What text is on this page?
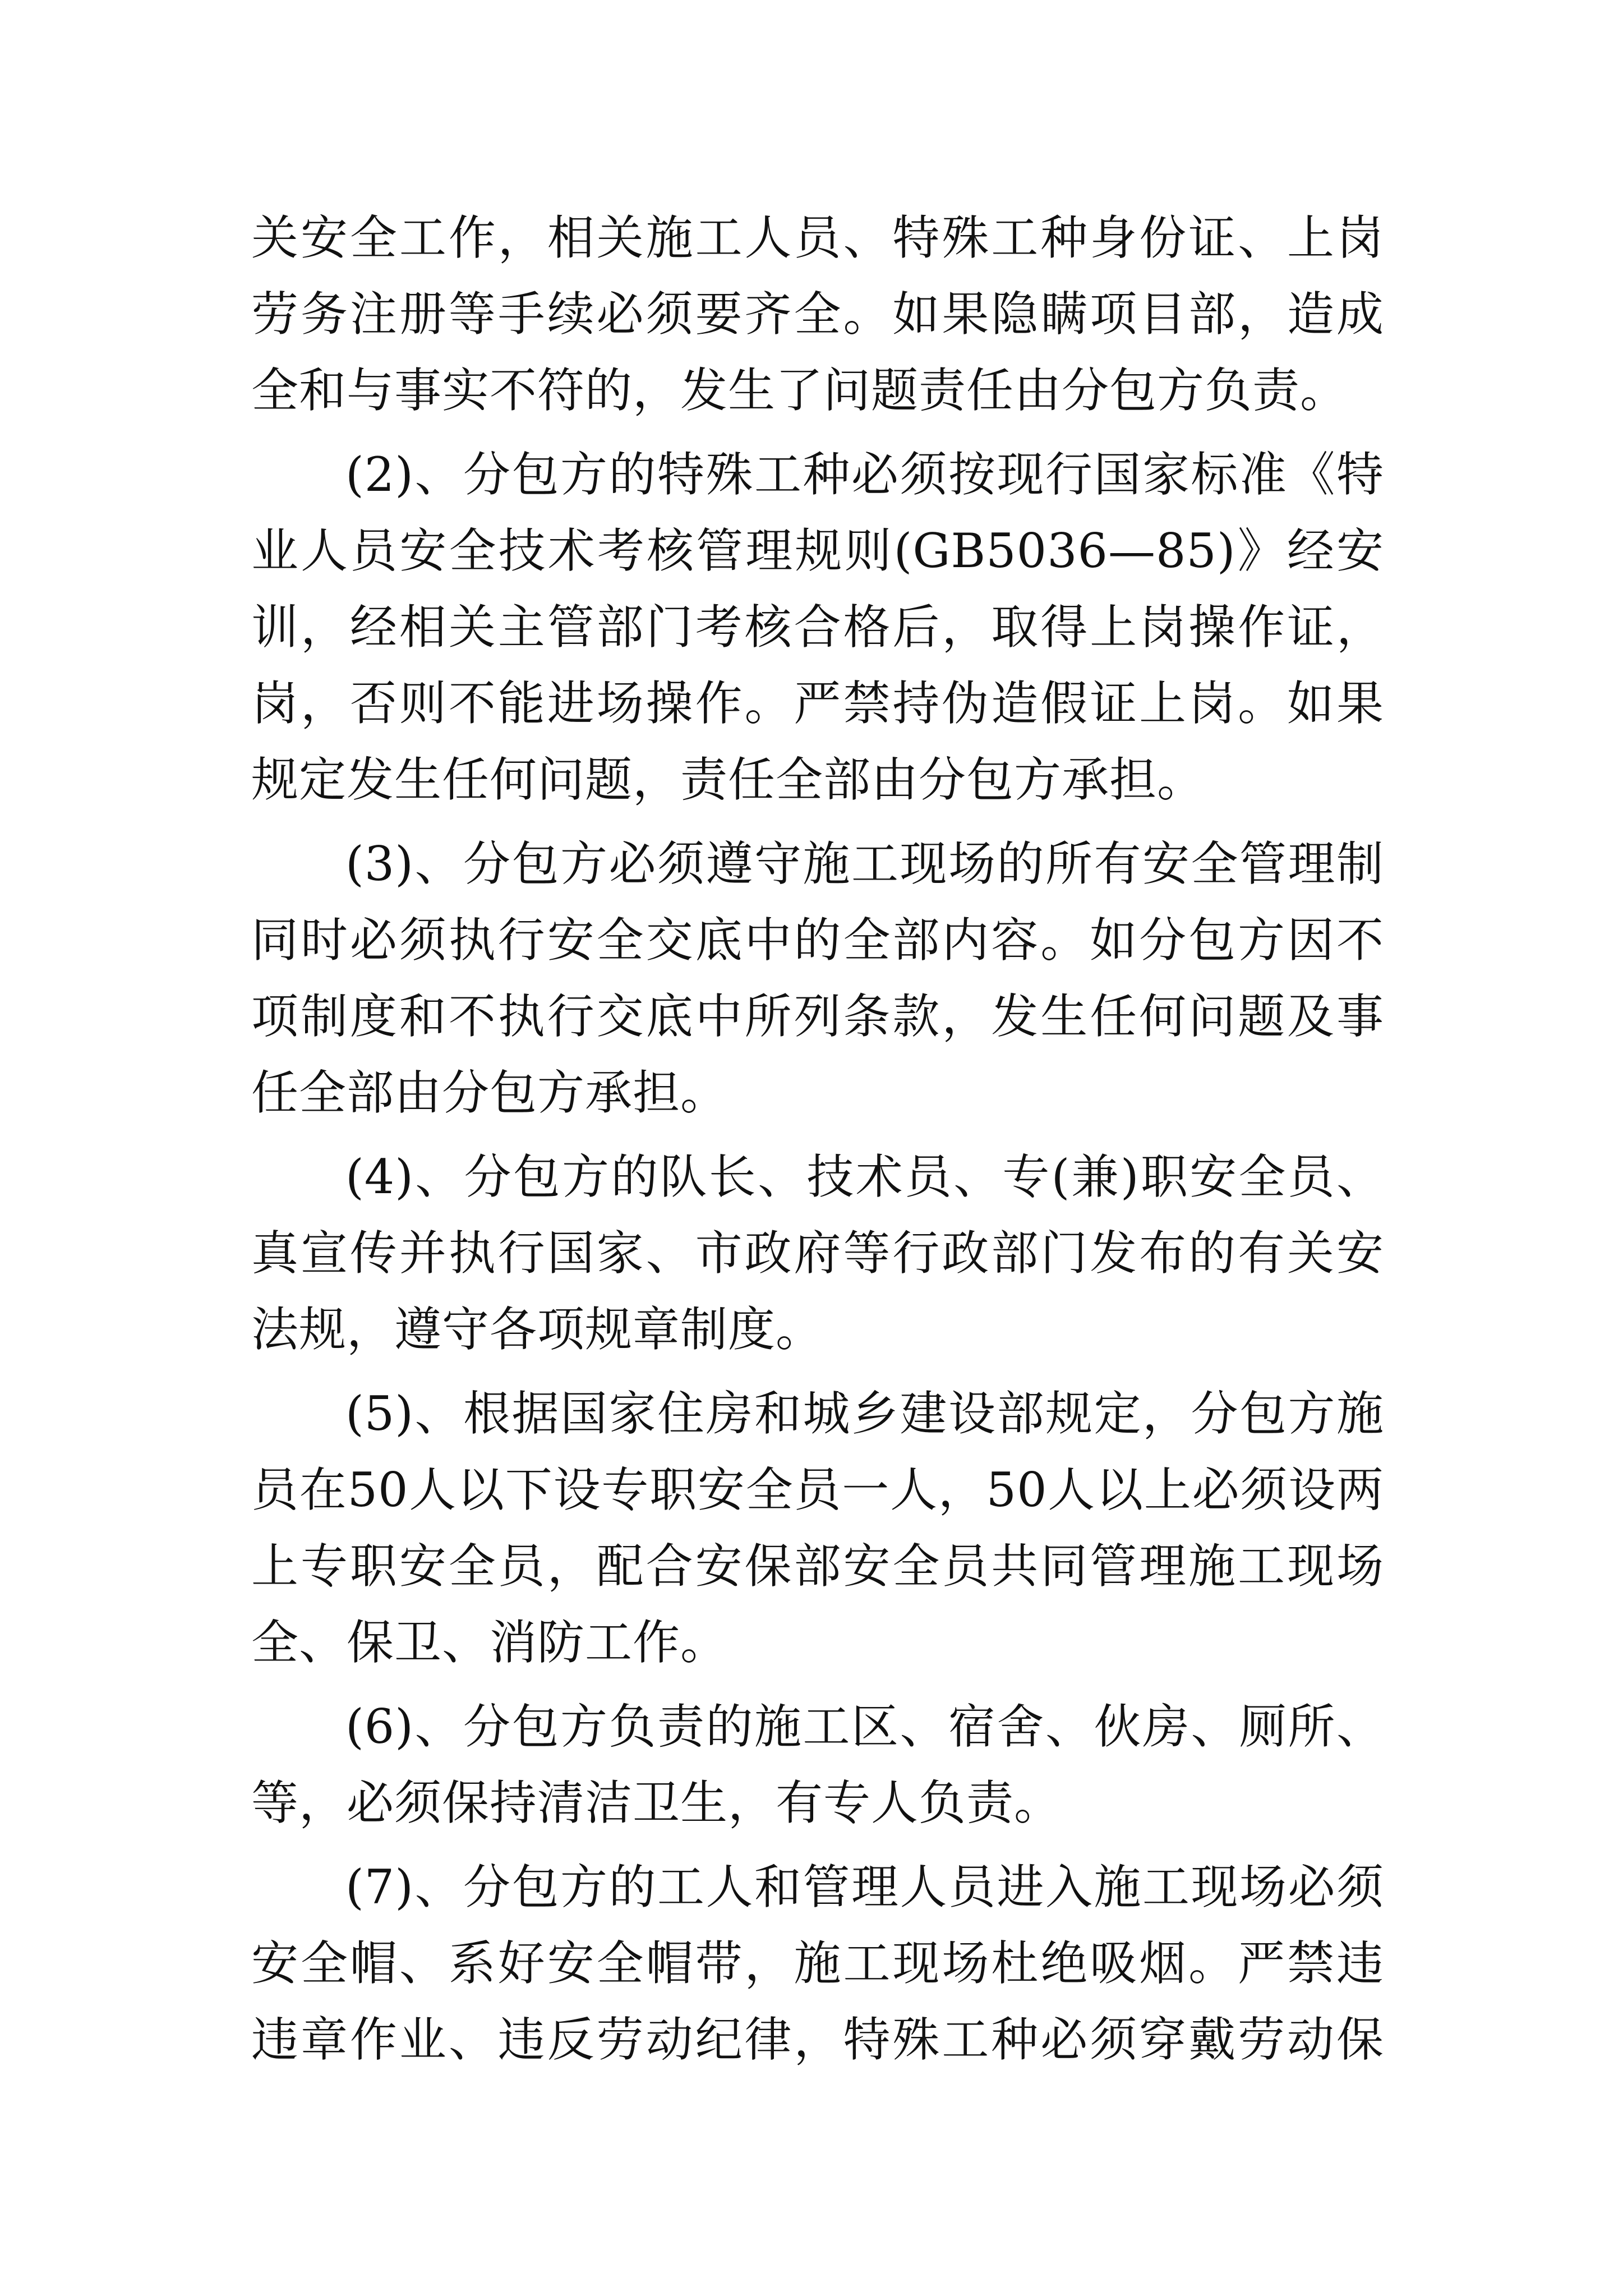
关安全工作，相关施工人员、特殊工种身份证、上岗
劳务注册等手续必须要齐全。如果隐瞒项目部，造成
全和与事实不符的，发生了问题责任由分包方负责。
(2)、分包方的特殊工种必须按现行国家标准《特
业人员安全技术考核管理规则(GB5036—85)》经安
训，经相关主管部门考核合格后，取得上岗操作证，
岗，否则不能进场操作。严禁持伪造假证上岗。如果
规定发生任何问题，责任全部由分包方承担。
(3)、分包方必须遵守施工现场的所有安全管理制
同时必须执行安全交底中的全部内容。如分包方因不
项制度和不执行交底中所列条款，发生任何问题及事
任全部由分包方承担。
(4)、分包方的队长、技术员、专(兼)职安全员、
真宣传并执行国家、市政府等行政部门发布的有关安
法规，遵守各项规章制度。
(5)、根据国家住房和城乡建设部规定，分包方施
员在50人以下设专职安全员一人，50人以上必须设两
上专职安全员，配合安保部安全员共同管理施工现场
全、保卫、消防工作。
(6)、分包方负责的施工区、宿舍、伙房、厕所、
等，必须保持清洁卫生，有专人负责。
(7)、分包方的工人和管理人员进入施工现场必须
安全帽、系好安全帽带，施工现场杜绝吸烟。严禁违
违章作业、违反劳动纪律，特殊工种必须穿戴劳动保
